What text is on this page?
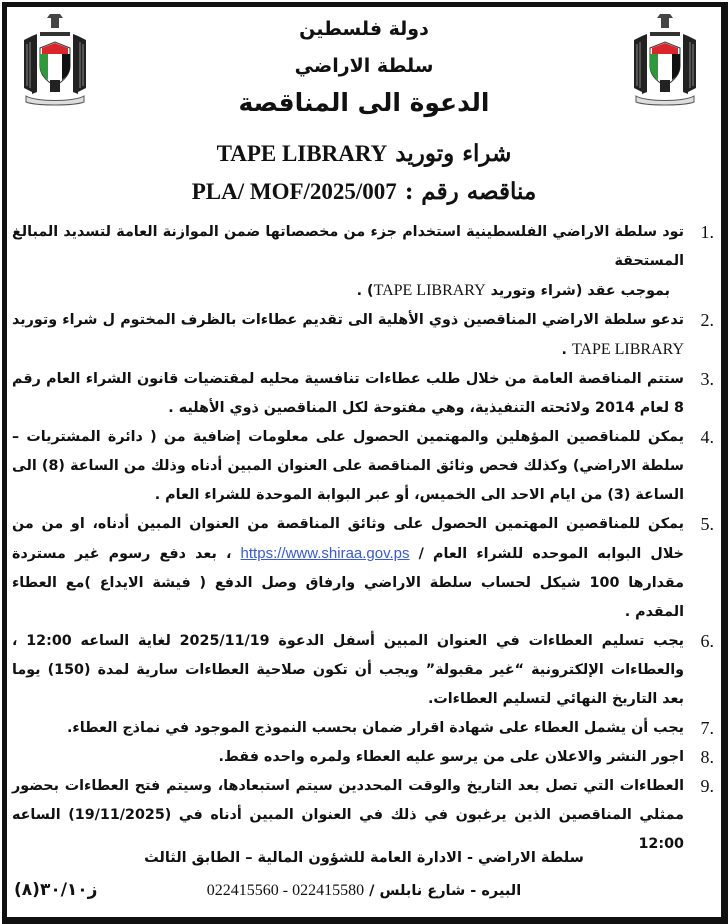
دولة فلسطين
سلطة الاراضي
الدعوة الى المناقصة
شراء وتوريد TAPE LIBRARY
مناقصه رقم : PLA/ MOF/2025/007
1.
تود سلطة الاراضي الفلسطينية استخدام جزء من مخصصاتها ضمن الموازنة العامة لتسديد المبالغ المستحقة
بموجب عقد (شراء وتوريد TAPE LIBRARY) .
2.
تدعو سلطة الاراضي المناقصين ذوي الأهلية الى تقديم عطاءات بالظرف المختوم ل شراء وتوريد TAPE LIBRARY .
3.
ستتم المناقصة العامة من خلال طلب عطاءات تنافسية محليه لمقتضيات قانون الشراء العام رقم 8 لعام 2014 ولائحته التنفيذية، وهي مفتوحة لكل المناقصين ذوي الأهليه .
4.
يمكن للمناقصين المؤهلين والمهتمين الحصول على معلومات إضافية من ( دائرة المشتريات – سلطة الاراضي) وكذلك فحص وثائق المناقصة على العنوان المبين أدناه وذلك من الساعة (8) الى الساعة (3) من ايام الاحد الى الخميس، أو عبر البوابة الموحدة للشراء العام .
5.
يمكن للمناقصين المهتمين الحصول على وثائق المناقصة من العنوان المبين أدناه، او من من خلال البوابه الموحده للشراء العام / https://www.shiraa.gov.ps ، بعد دفع رسوم غير مستردة مقدارها 100 شيكل لحساب سلطة الاراضي وارفاق وصل الدفع ( فيشة الايداع )مع العطاء المقدم .
6.
يجب تسليم العطاءات في العنوان المبين أسفل الدعوة 2025/11/19 لغاية الساعه 12:00 ، والعطاءات الإلكترونية “غير مقبولة” ويجب أن تكون صلاحية العطاءات سارية لمدة (150) يوما بعد التاريخ النهائي لتسليم العطاءات.
7.
يجب أن يشمل العطاء على شهادة اقرار ضمان بحسب النموذج الموجود في نماذج العطاء.
8.
اجور النشر والاعلان على من يرسو عليه العطاء ولمره واحده فقط.
9.
العطاءات التي تصل بعد التاريخ والوقت المحددين سيتم استبعادها، وسيتم فتح العطاءات بحضور ممثلي المناقصين الذين يرغبون في ذلك في العنوان المبين أدناه في (19/11/2025) الساعه 12:00
سلطة الاراضي - الادارة العامة للشؤون المالية – الطابق الثالث
البيره - شارع نابلس / 022415560 - 022415580
ز٣٠/١٠(٨)
